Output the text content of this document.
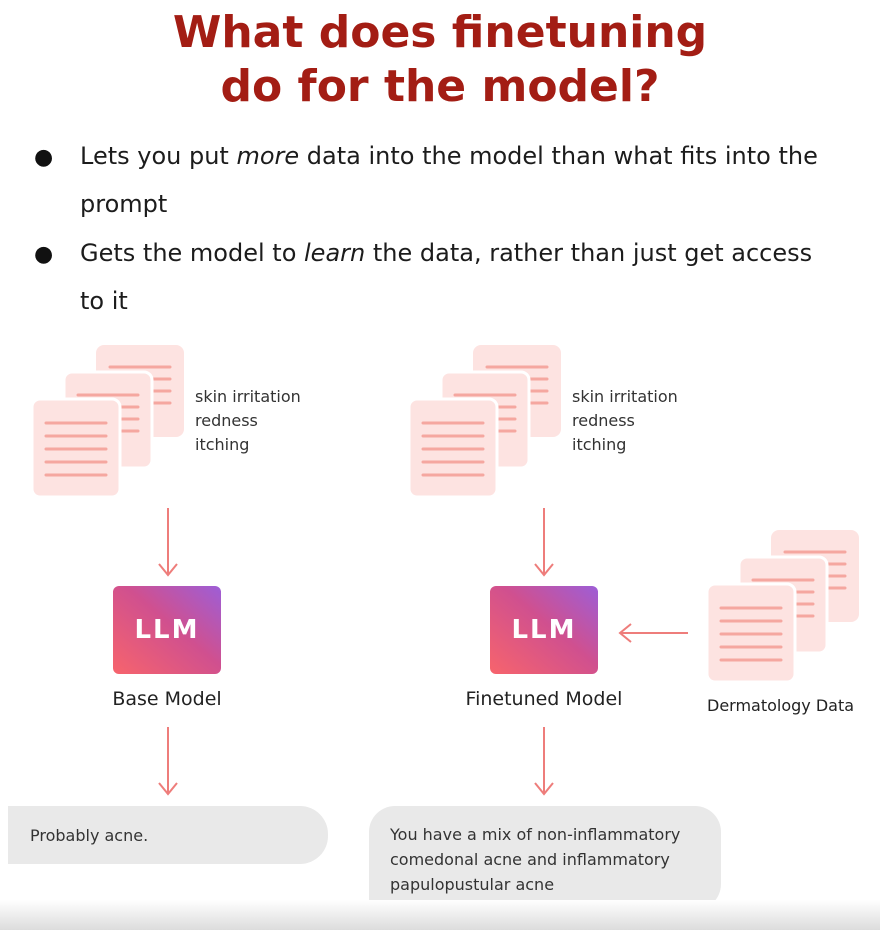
What does finetuning
do for the model?
● Lets you put more data into the model than what fits into the prompt
● Gets the model to learn the data, rather than just get access to it
skin irritation
redness
itching
skin irritation
redness
itching
LLM	LLM
Base Model	Finetuned Model	Dermatology Data
Probably acne.	You have a mix of non-inflammatory comedonal acne and inflammatory papulopustular acne
